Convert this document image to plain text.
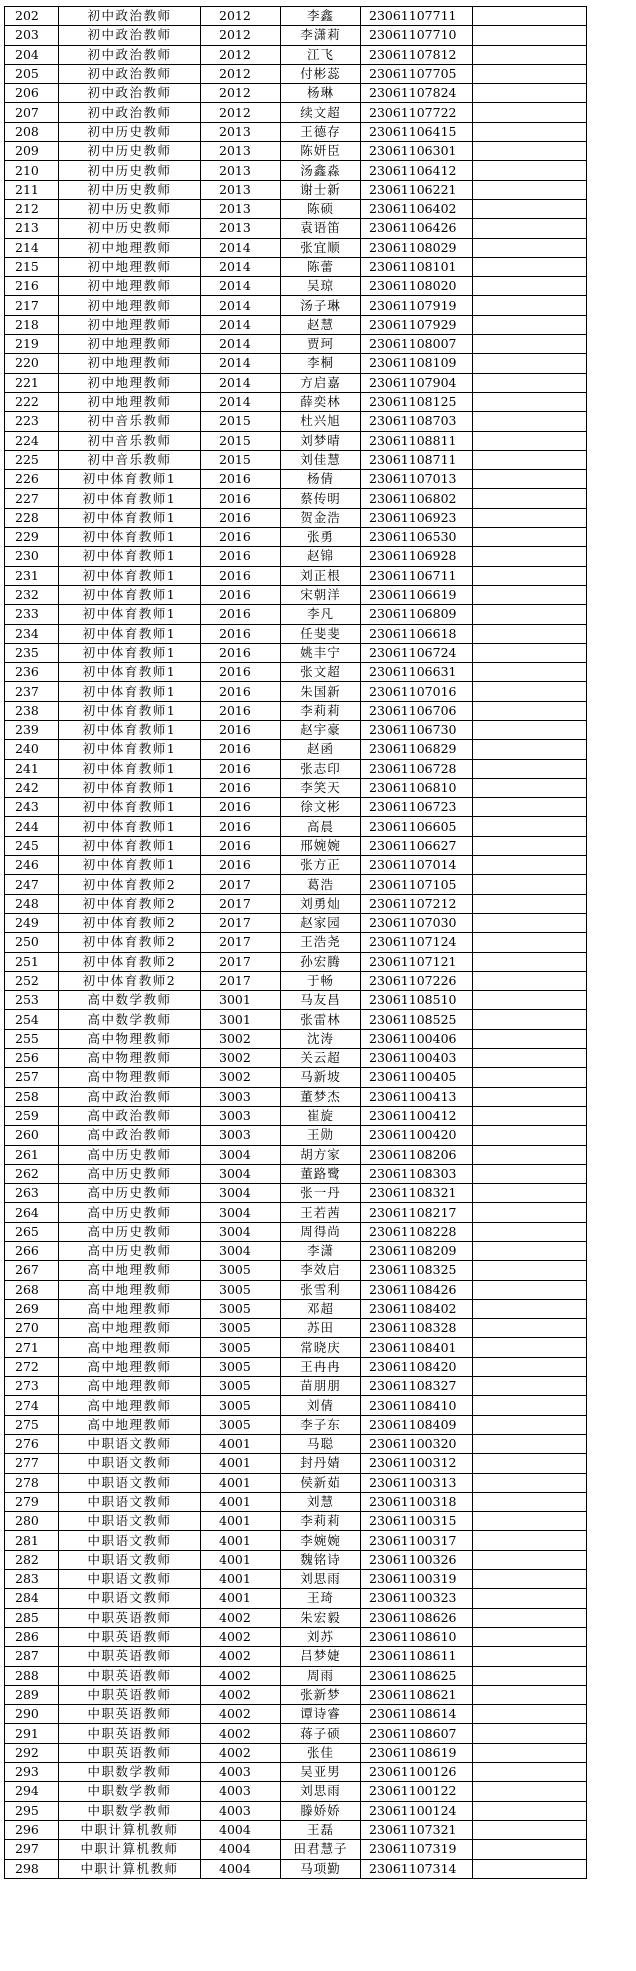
202	初中政治教师	2012	李鑫	23061107711	
203	初中政治教师	2012	李潇莉	23061107710	
204	初中政治教师	2012	江飞	23061107812	
205	初中政治教师	2012	付彬蕊	23061107705	
206	初中政治教师	2012	杨琳	23061107824	
207	初中政治教师	2012	续文超	23061107722	
208	初中历史教师	2013	王德存	23061106415	
209	初中历史教师	2013	陈妍臣	23061106301	
210	初中历史教师	2013	汤鑫淼	23061106412	
211	初中历史教师	2013	谢士新	23061106221	
212	初中历史教师	2013	陈硕	23061106402	
213	初中历史教师	2013	袁语笛	23061106426	
214	初中地理教师	2014	张宜顺	23061108029	
215	初中地理教师	2014	陈蕾	23061108101	
216	初中地理教师	2014	吴琼	23061108020	
217	初中地理教师	2014	汤子琳	23061107919	
218	初中地理教师	2014	赵慧	23061107929	
219	初中地理教师	2014	贾珂	23061108007	
220	初中地理教师	2014	李桐	23061108109	
221	初中地理教师	2014	方启嘉	23061107904	
222	初中地理教师	2014	薛奕林	23061108125	
223	初中音乐教师	2015	杜兴旭	23061108703	
224	初中音乐教师	2015	刘梦晴	23061108811	
225	初中音乐教师	2015	刘佳慧	23061108711	
226	初中体育教师1	2016	杨倩	23061107013	
227	初中体育教师1	2016	蔡传明	23061106802	
228	初中体育教师1	2016	贺金浩	23061106923	
229	初中体育教师1	2016	张勇	23061106530	
230	初中体育教师1	2016	赵锦	23061106928	
231	初中体育教师1	2016	刘正根	23061106711	
232	初中体育教师1	2016	宋朝洋	23061106619	
233	初中体育教师1	2016	李凡	23061106809	
234	初中体育教师1	2016	任斐斐	23061106618	
235	初中体育教师1	2016	姚丰宁	23061106724	
236	初中体育教师1	2016	张文超	23061106631	
237	初中体育教师1	2016	朱国新	23061107016	
238	初中体育教师1	2016	李莉莉	23061106706	
239	初中体育教师1	2016	赵宇豪	23061106730	
240	初中体育教师1	2016	赵函	23061106829	
241	初中体育教师1	2016	张志印	23061106728	
242	初中体育教师1	2016	李笑天	23061106810	
243	初中体育教师1	2016	徐文彬	23061106723	
244	初中体育教师1	2016	高晨	23061106605	
245	初中体育教师1	2016	邢婉婉	23061106627	
246	初中体育教师1	2016	张方正	23061107014	
247	初中体育教师2	2017	葛浩	23061107105	
248	初中体育教师2	2017	刘勇灿	23061107212	
249	初中体育教师2	2017	赵家园	23061107030	
250	初中体育教师2	2017	王浩尧	23061107124	
251	初中体育教师2	2017	孙宏腾	23061107121	
252	初中体育教师2	2017	于畅	23061107226	
253	高中数学教师	3001	马友昌	23061108510	
254	高中数学教师	3001	张雷林	23061108525	
255	高中物理教师	3002	沈涛	23061100406	
256	高中物理教师	3002	关云超	23061100403	
257	高中物理教师	3002	马新坡	23061100405	
258	高中政治教师	3003	董梦杰	23061100413	
259	高中政治教师	3003	崔旋	23061100412	
260	高中政治教师	3003	王勋	23061100420	
261	高中历史教师	3004	胡方家	23061108206	
262	高中历史教师	3004	董路鹭	23061108303	
263	高中历史教师	3004	张一丹	23061108321	
264	高中历史教师	3004	王若茜	23061108217	
265	高中历史教师	3004	周得尚	23061108228	
266	高中历史教师	3004	李潇	23061108209	
267	高中地理教师	3005	李效启	23061108325	
268	高中地理教师	3005	张雪利	23061108426	
269	高中地理教师	3005	邓超	23061108402	
270	高中地理教师	3005	苏田	23061108328	
271	高中地理教师	3005	常晓庆	23061108401	
272	高中地理教师	3005	王冉冉	23061108420	
273	高中地理教师	3005	苗朋朋	23061108327	
274	高中地理教师	3005	刘倩	23061108410	
275	高中地理教师	3005	李子东	23061108409	
276	中职语文教师	4001	马聪	23061100320	
277	中职语文教师	4001	封丹婧	23061100312	
278	中职语文教师	4001	侯新茹	23061100313	
279	中职语文教师	4001	刘慧	23061100318	
280	中职语文教师	4001	李莉莉	23061100315	
281	中职语文教师	4001	李婉婉	23061100317	
282	中职语文教师	4001	魏铭诗	23061100326	
283	中职语文教师	4001	刘思雨	23061100319	
284	中职语文教师	4001	王琦	23061100323	
285	中职英语教师	4002	朱宏毅	23061108626	
286	中职英语教师	4002	刘苏	23061108610	
287	中职英语教师	4002	吕梦婕	23061108611	
288	中职英语教师	4002	周雨	23061108625	
289	中职英语教师	4002	张新梦	23061108621	
290	中职英语教师	4002	谭诗睿	23061108614	
291	中职英语教师	4002	蒋子硕	23061108607	
292	中职英语教师	4002	张佳	23061108619	
293	中职数学教师	4003	吴亚男	23061100126	
294	中职数学教师	4003	刘思雨	23061100122	
295	中职数学教师	4003	滕娇娇	23061100124	
296	中职计算机教师	4004	王磊	23061107321	
297	中职计算机教师	4004	田君慧子	23061107319	
298	中职计算机教师	4004	马项勤	23061107314	
